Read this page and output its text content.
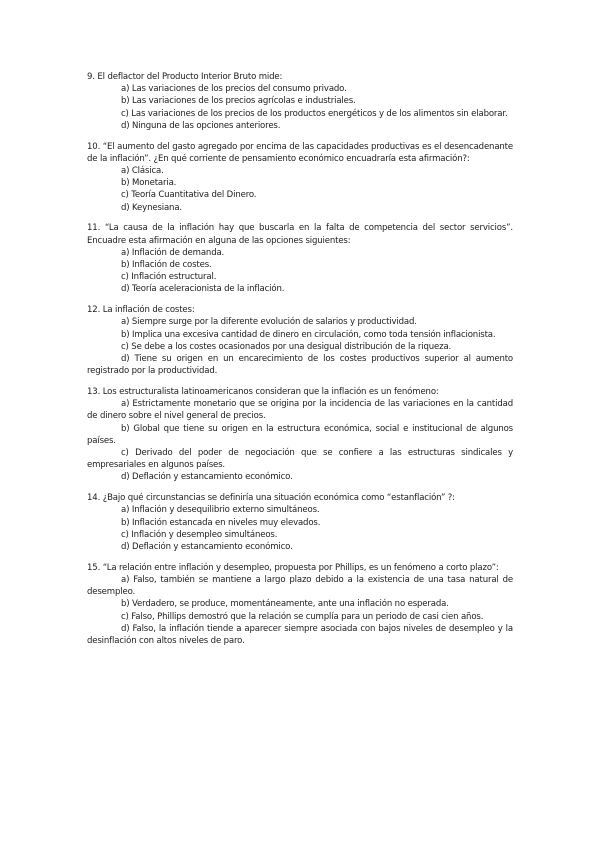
9. El deflactor del Producto Interior Bruto mide:

a) Las variaciones de los precios del consumo privado.

b) Las variaciones de los precios agrícolas e industriales.

c) Las variaciones de los precios de los productos energéticos y de los alimentos sin elaborar.

d) Ninguna de las opciones anteriores.

10. “El aumento del gasto agregado por encima de las capacidades productivas es el desencadenante de la inflación”. ¿En qué corriente de pensamiento económico encuadraría esta afirmación?:

a) Clásica.

b) Monetaria.

c) Teoría Cuantitativa del Dinero.

d) Keynesiana.

11. “La causa de la inflación hay que buscarla en la falta de competencia del sector servicios”. Encuadre esta afirmación en alguna de las opciones siguientes:

a) Inflación de demanda.

b) Inflación de costes.

c) Inflación estructural.

d) Teoría aceleracionista de la inflación.

12. La inflación de costes:

a) Siempre surge por la diferente evolución de salarios y productividad.

b) Implica una excesiva cantidad de dinero en circulación, como toda tensión inflacionista.

c) Se debe a los costes ocasionados por una desigual distribución de la riqueza.

d) Tiene su origen en un encarecimiento de los costes productivos superior al aumento registrado por la productividad.

13. Los estructuralista latinoamericanos consideran que la inflación es un fenómeno:

a) Estrictamente monetario que se origina por la incidencia de las variaciones en la cantidad de dinero sobre el nivel general de precios.

b) Global que tiene su origen en la estructura económica, social e institucional de algunos países.

c) Derivado del poder de negociación que se confiere a las estructuras sindicales y empresariales en algunos países.

d) Deflación y estancamiento económico.

14. ¿Bajo qué circunstancias se definiría una situación económica como “estanflación” ?:

a) Inflación y desequilibrio externo simultáneos.

b) Inflación estancada en niveles muy elevados.

c) Inflación y desempleo simultáneos.

d) Deflación y estancamiento económico.

15. “La relación entre inflación y desempleo, propuesta por Phillips, es un fenómeno a corto plazo”:

a) Falso, también se mantiene a largo plazo debido a la existencia de una tasa natural de desempleo.

b) Verdadero, se produce, momentáneamente, ante una inflación no esperada.

c) Falso, Phillips demostró que la relación se cumplía para un periodo de casi cien años.

d) Falso, la inflación tiende a aparecer siempre asociada con bajos niveles de desempleo y la desinflación con altos niveles de paro.
